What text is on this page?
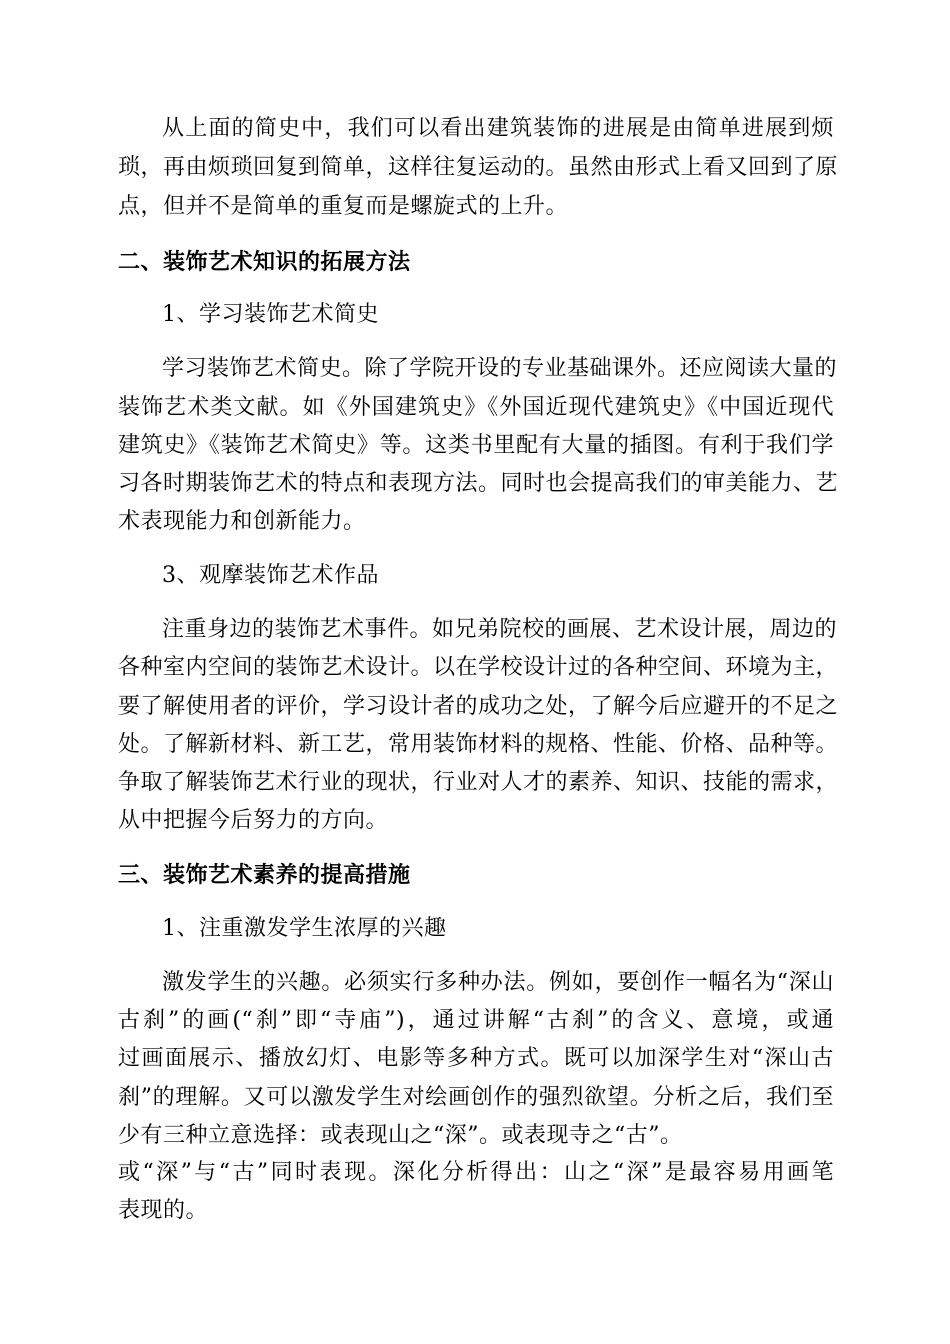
从上面的简史中，我们可以看出建筑装饰的进展是由简单进展到烦
琐，再由烦琐回复到简单，这样往复运动的。虽然由形式上看又回到了原
点，但并不是简单的重复而是螺旋式的上升。
二、装饰艺术知识的拓展方法
1、学习装饰艺术简史
学习装饰艺术简史。除了学院开设的专业基础课外。还应阅读大量的
装饰艺术类文献。如《外国建筑史》《外国近现代建筑史》《中国近现代
建筑史》《装饰艺术简史》等。这类书里配有大量的插图。有利于我们学
习各时期装饰艺术的特点和表现方法。同时也会提高我们的审美能力、艺
术表现能力和创新能力。
3、观摩装饰艺术作品
注重身边的装饰艺术事件。如兄弟院校的画展、艺术设计展，周边的
各种室内空间的装饰艺术设计。以在学校设计过的各种空间、环境为主，
要了解使用者的评价，学习设计者的成功之处，了解今后应避开的不足之
处。了解新材料、新工艺，常用装饰材料的规格、性能、价格、品种等。
争取了解装饰艺术行业的现状，行业对人才的素养、知识、技能的需求，
从中把握今后努力的方向。
三、装饰艺术素养的提高措施
1、注重激发学生浓厚的兴趣
激发学生的兴趣。必须实行多种办法。例如，要创作一幅名为“深山
古刹”的画(“刹”即“寺庙”)，通过讲解“古刹”的含义、意境，或通
过画面展示、播放幻灯、电影等多种方式。既可以加深学生对“深山古
刹”的理解。又可以激发学生对绘画创作的强烈欲望。分析之后，我们至
少有三种立意选择：或表现山之“深”。或表现寺之“古”。
或“深”与“古”同时表现。深化分析得出：山之“深”是最容易用画笔
表现的。
